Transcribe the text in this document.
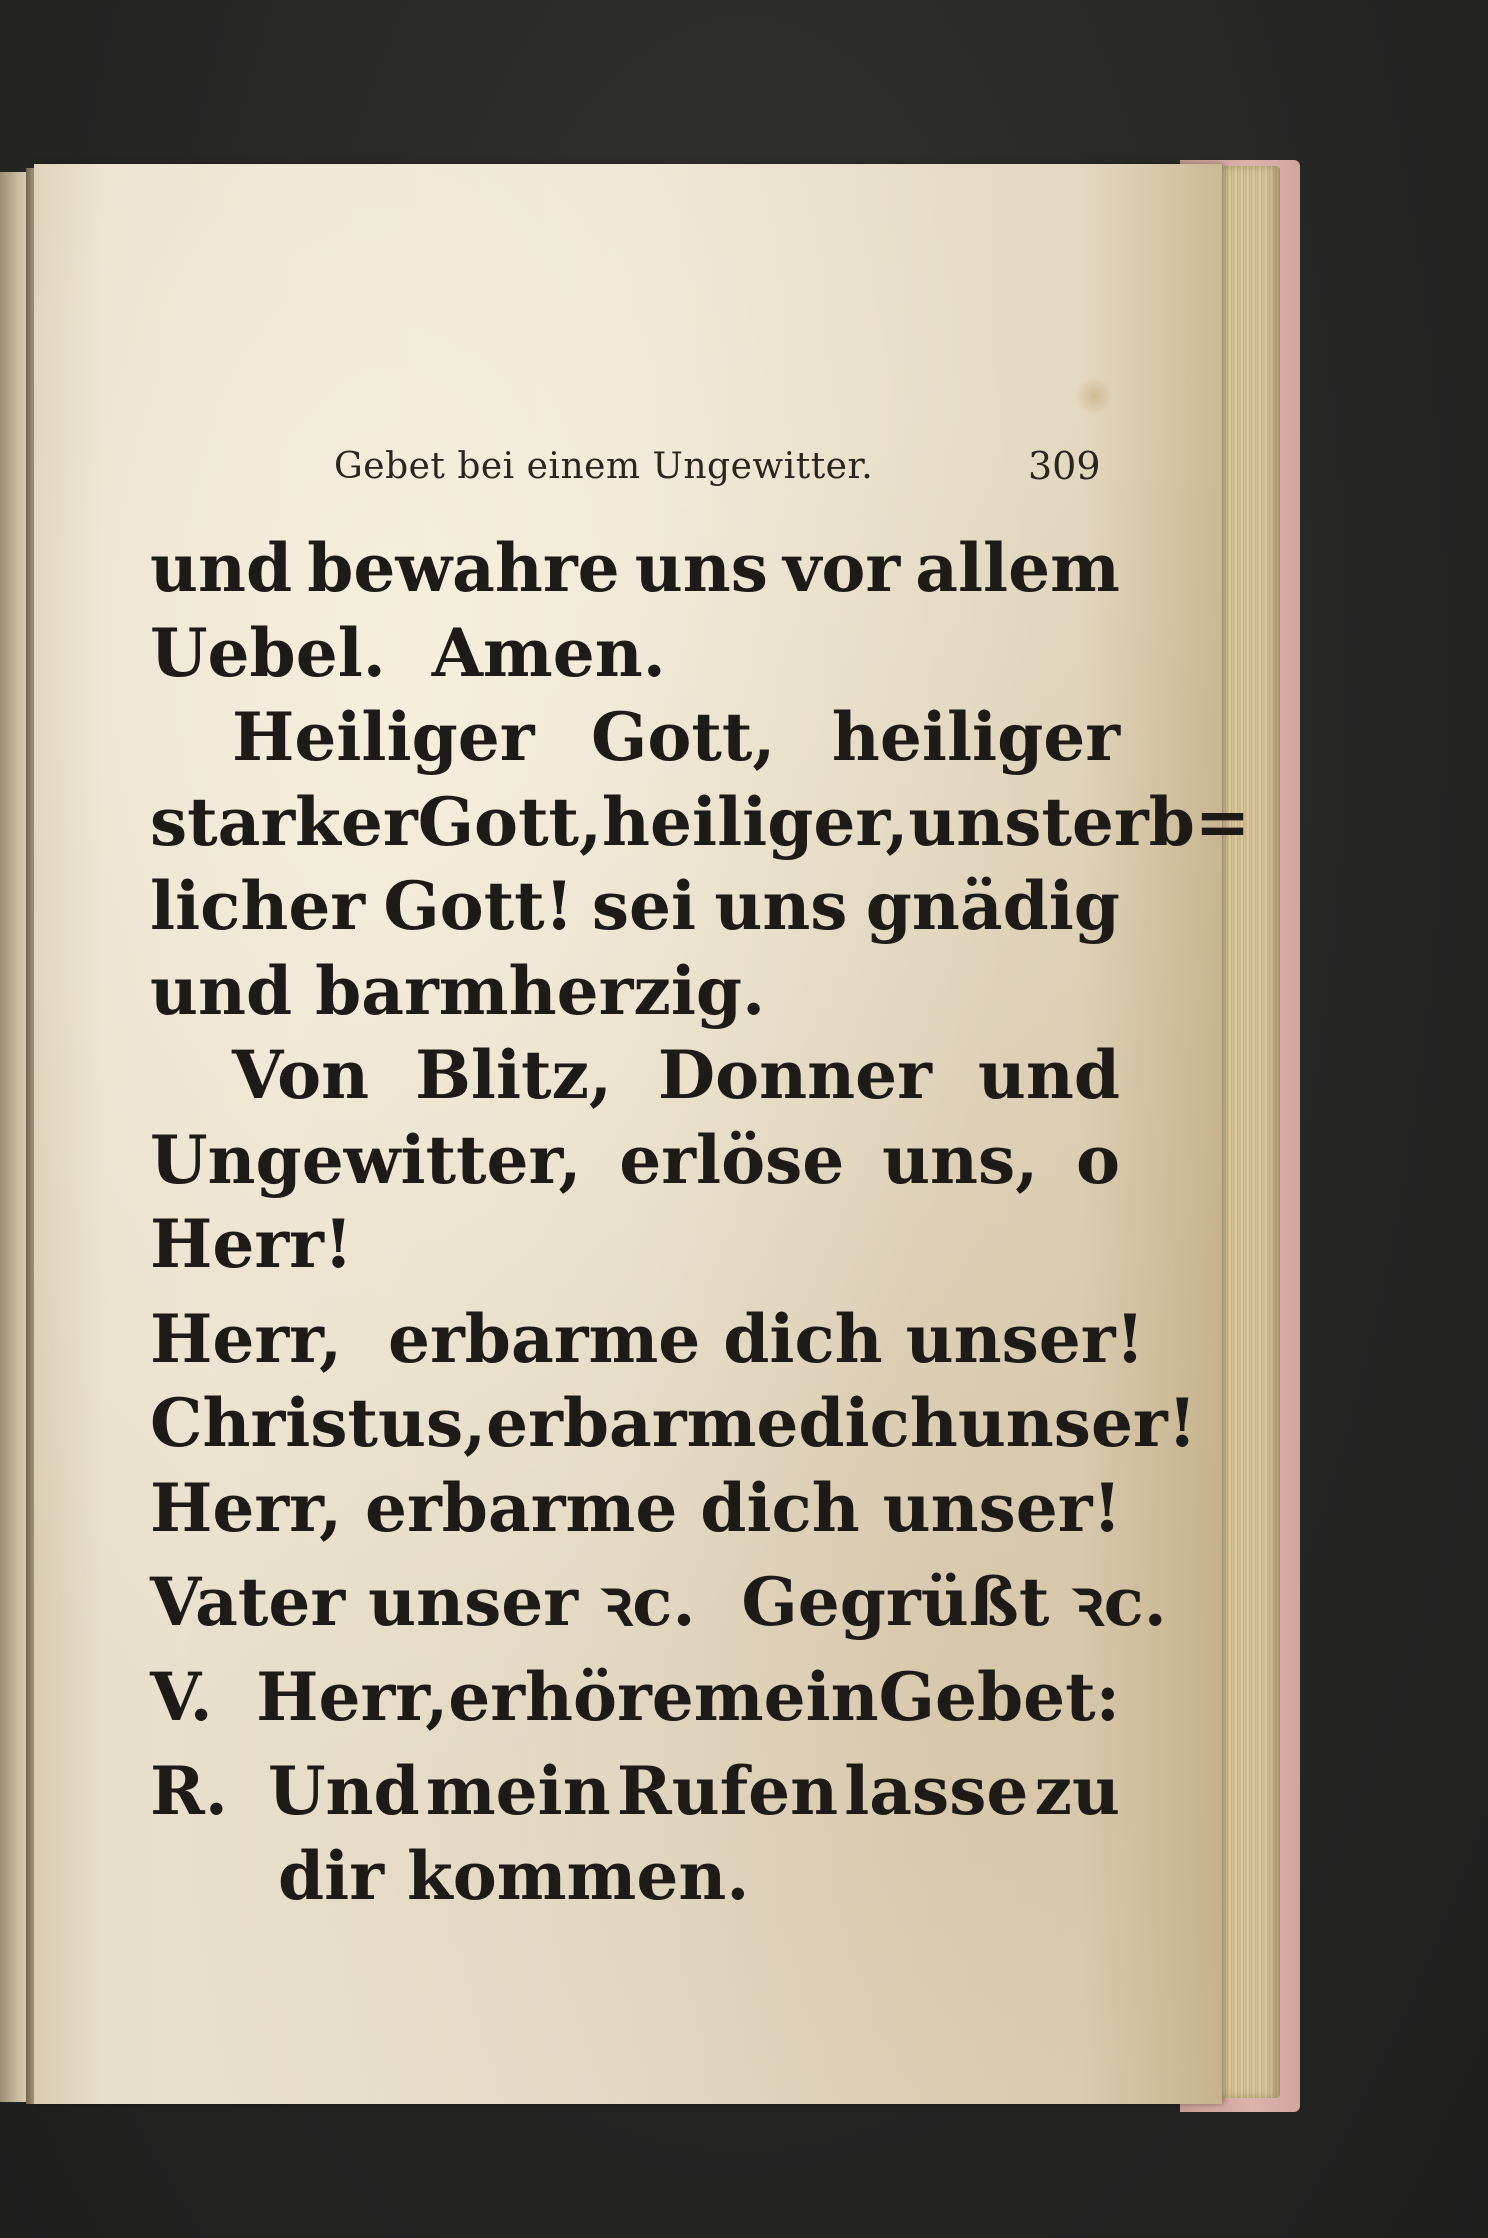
Gebet bei einem Ungewitter.	309
und bewahre uns vor allem
Uebel.  Amen.
Heiliger Gott, heiliger
starker Gott, heiliger, unsterb=
licher Gott! sei uns gnädig
und barmherzig.
Von Blitz, Donner und
Ungewitter, erlöse uns, o
Herr!
Herr,  erbarme dich unser!
Christus, erbarme dich unser!
Herr, erbarme dich unser!
Vater unser ꝛc.  Gegrüßt ꝛc.
V. Herr, erhöre mein Gebet:
R. Und mein Rufen lasse zu
dir kommen.
